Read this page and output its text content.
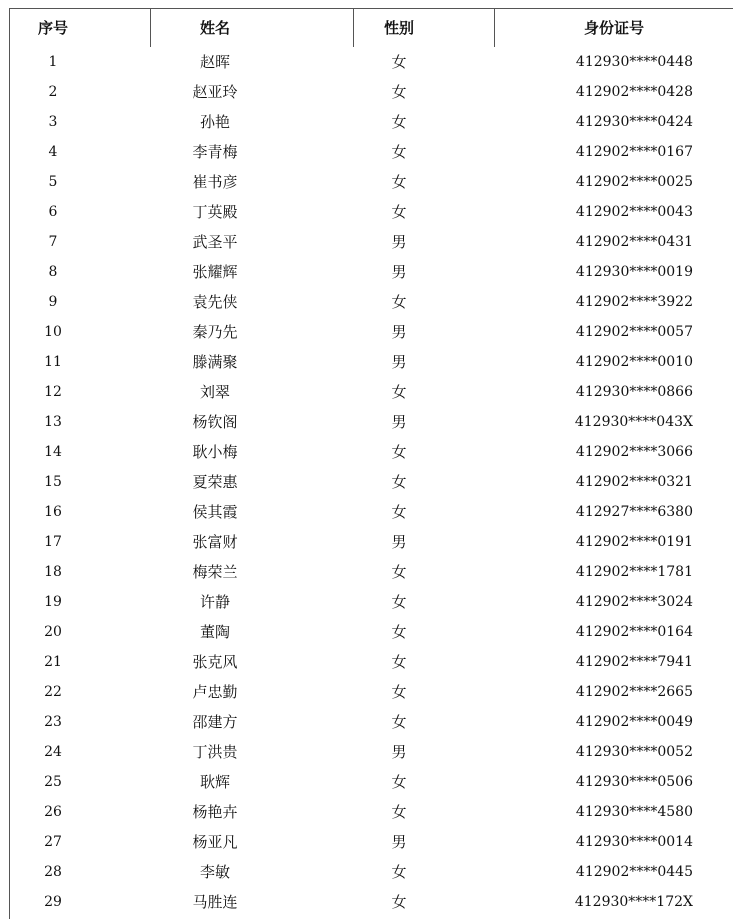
序号	姓名	性别	身份证号
1	赵晖	女	412930****0448
2	赵亚玲	女	412902****0428
3	孙艳	女	412930****0424
4	李青梅	女	412902****0167
5	崔书彦	女	412902****0025
6	丁英殿	女	412902****0043
7	武圣平	男	412902****0431
8	张耀辉	男	412930****0019
9	袁先侠	女	412902****3922
10	秦乃先	男	412902****0057
11	滕满聚	男	412902****0010
12	刘翠	女	412930****0866
13	杨钦阁	男	412930****043X
14	耿小梅	女	412902****3066
15	夏荣惠	女	412902****0321
16	侯其霞	女	412927****6380
17	张富财	男	412902****0191
18	梅荣兰	女	412902****1781
19	许静	女	412902****3024
20	董陶	女	412902****0164
21	张克风	女	412902****7941
22	卢忠勤	女	412902****2665
23	邵建方	女	412902****0049
24	丁洪贵	男	412930****0052
25	耿辉	女	412930****0506
26	杨艳卉	女	412930****4580
27	杨亚凡	男	412930****0014
28	李敏	女	412902****0445
29	马胜连	女	412930****172X
